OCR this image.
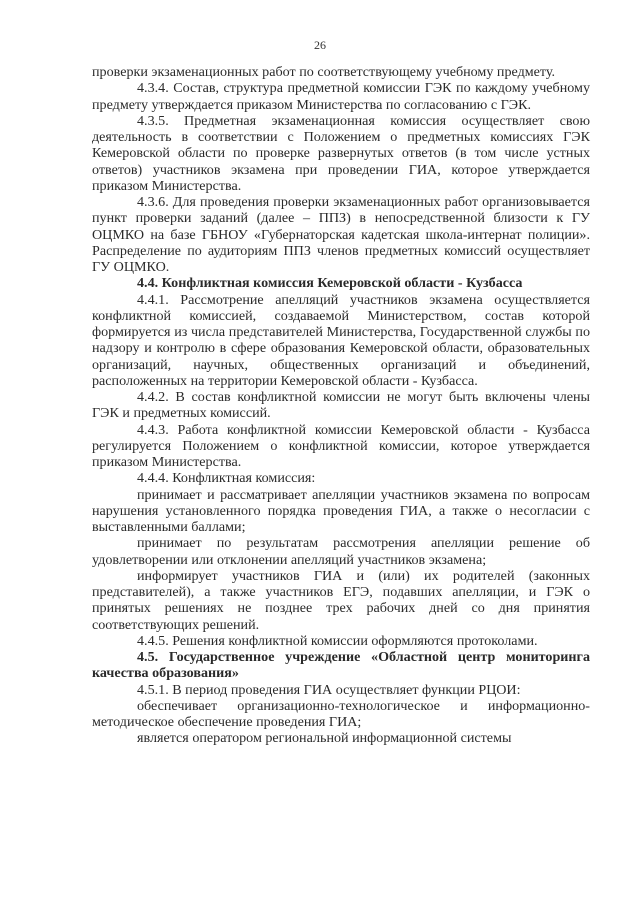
26

проверки экзаменационных работ по соответствующему учебному предмету.

4.3.4. Состав, структура предметной комиссии ГЭК по каждому учебному предмету утверждается приказом Министерства по согласованию с ГЭК.

4.3.5. Предметная экзаменационная комиссия осуществляет свою деятельность в соответствии с Положением о предметных комиссиях ГЭК Кемеровской области по проверке развернутых ответов (в том числе устных ответов) участников экзамена при проведении ГИА, которое утверждается приказом Министерства.

4.3.6. Для проведения проверки экзаменационных работ организовывается пункт проверки заданий (далее – ППЗ) в непосредственной близости к ГУ ОЦМКО на базе ГБНОУ «Губернаторская кадетская школа-интернат полиции». Распределение по аудиториям ППЗ членов предметных комиссий осуществляет ГУ ОЦМКО.

4.4. Конфликтная комиссия Кемеровской области - Кузбасса

4.4.1. Рассмотрение апелляций участников экзамена осуществляется конфликтной комиссией, создаваемой Министерством, состав которой формируется из числа представителей Министерства, Государственной службы по надзору и контролю в сфере образования Кемеровской области, образовательных организаций, научных, общественных организаций и объединений, расположенных на территории Кемеровской области - Кузбасса.

4.4.2. В состав конфликтной комиссии не могут быть включены члены ГЭК и предметных комиссий.

4.4.3. Работа конфликтной комиссии Кемеровской области - Кузбасса регулируется Положением о конфликтной комиссии, которое утверждается приказом Министерства.

4.4.4. Конфликтная комиссия:

принимает и рассматривает апелляции участников экзамена по вопросам нарушения установленного порядка проведения ГИА, а также о несогласии с выставленными баллами;

принимает по результатам рассмотрения апелляции решение об удовлетворении или отклонении апелляций участников экзамена;

информирует участников ГИА и (или) их родителей (законных представителей), а также участников ЕГЭ, подавших апелляции, и ГЭК о принятых решениях не позднее трех рабочих дней со дня принятия соответствующих решений.

4.4.5. Решения конфликтной комиссии оформляются протоколами.

4.5. Государственное учреждение «Областной центр мониторинга качества образования»

4.5.1. В период проведения ГИА осуществляет функции РЦОИ:

обеспечивает организационно-технологическое и информационно-методическое обеспечение проведения ГИА;

является оператором региональной информационной системы
